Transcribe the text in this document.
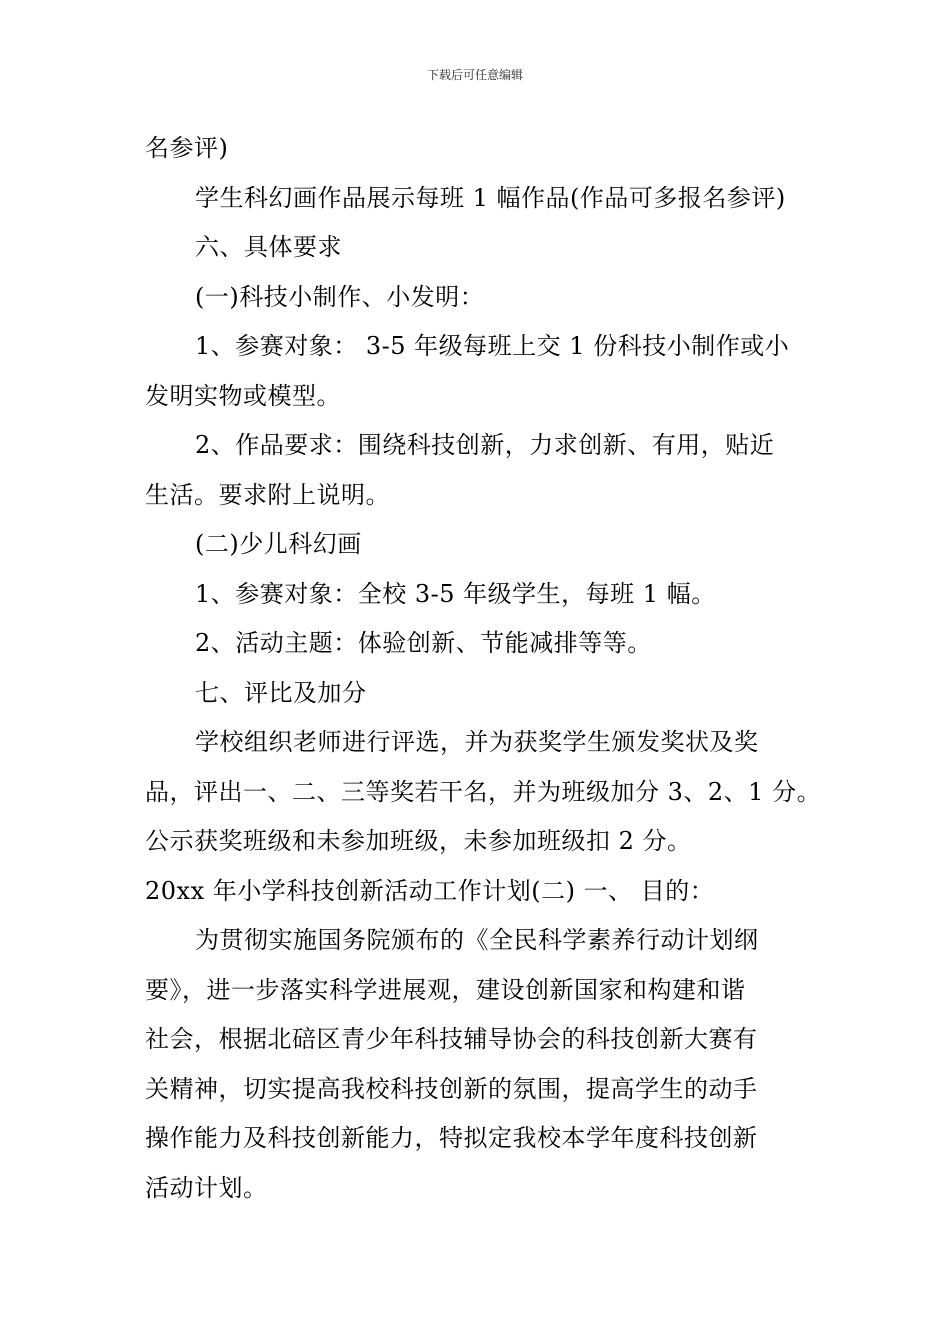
下载后可任意编辑

名参评)

学生科幻画作品展示每班 1 幅作品(作品可多报名参评)

六、具体要求

(一)科技小制作、小发明：

1、参赛对象： 3-5 年级每班上交 1 份科技小制作或小

发明实物或模型。

2、作品要求：围绕科技创新，力求创新、有用，贴近

生活。要求附上说明。

(二)少儿科幻画

1、参赛对象：全校 3-5 年级学生，每班 1 幅。

2、活动主题：体验创新、节能减排等等。

七、评比及加分

学校组织老师进行评选，并为获奖学生颁发奖状及奖

品，评出一、二、三等奖若干名，并为班级加分 3、2、1 分。

公示获奖班级和未参加班级，未参加班级扣 2 分。

20xx 年小学科技创新活动工作计划(二) 一、 目的：

为贯彻实施国务院颁布的《全民科学素养行动计划纲

要》，进一步落实科学进展观，建设创新国家和构建和谐

社会，根据北碚区青少年科技辅导协会的科技创新大赛有

关精神，切实提高我校科技创新的氛围，提高学生的动手

操作能力及科技创新能力，特拟定我校本学年度科技创新

活动计划。
